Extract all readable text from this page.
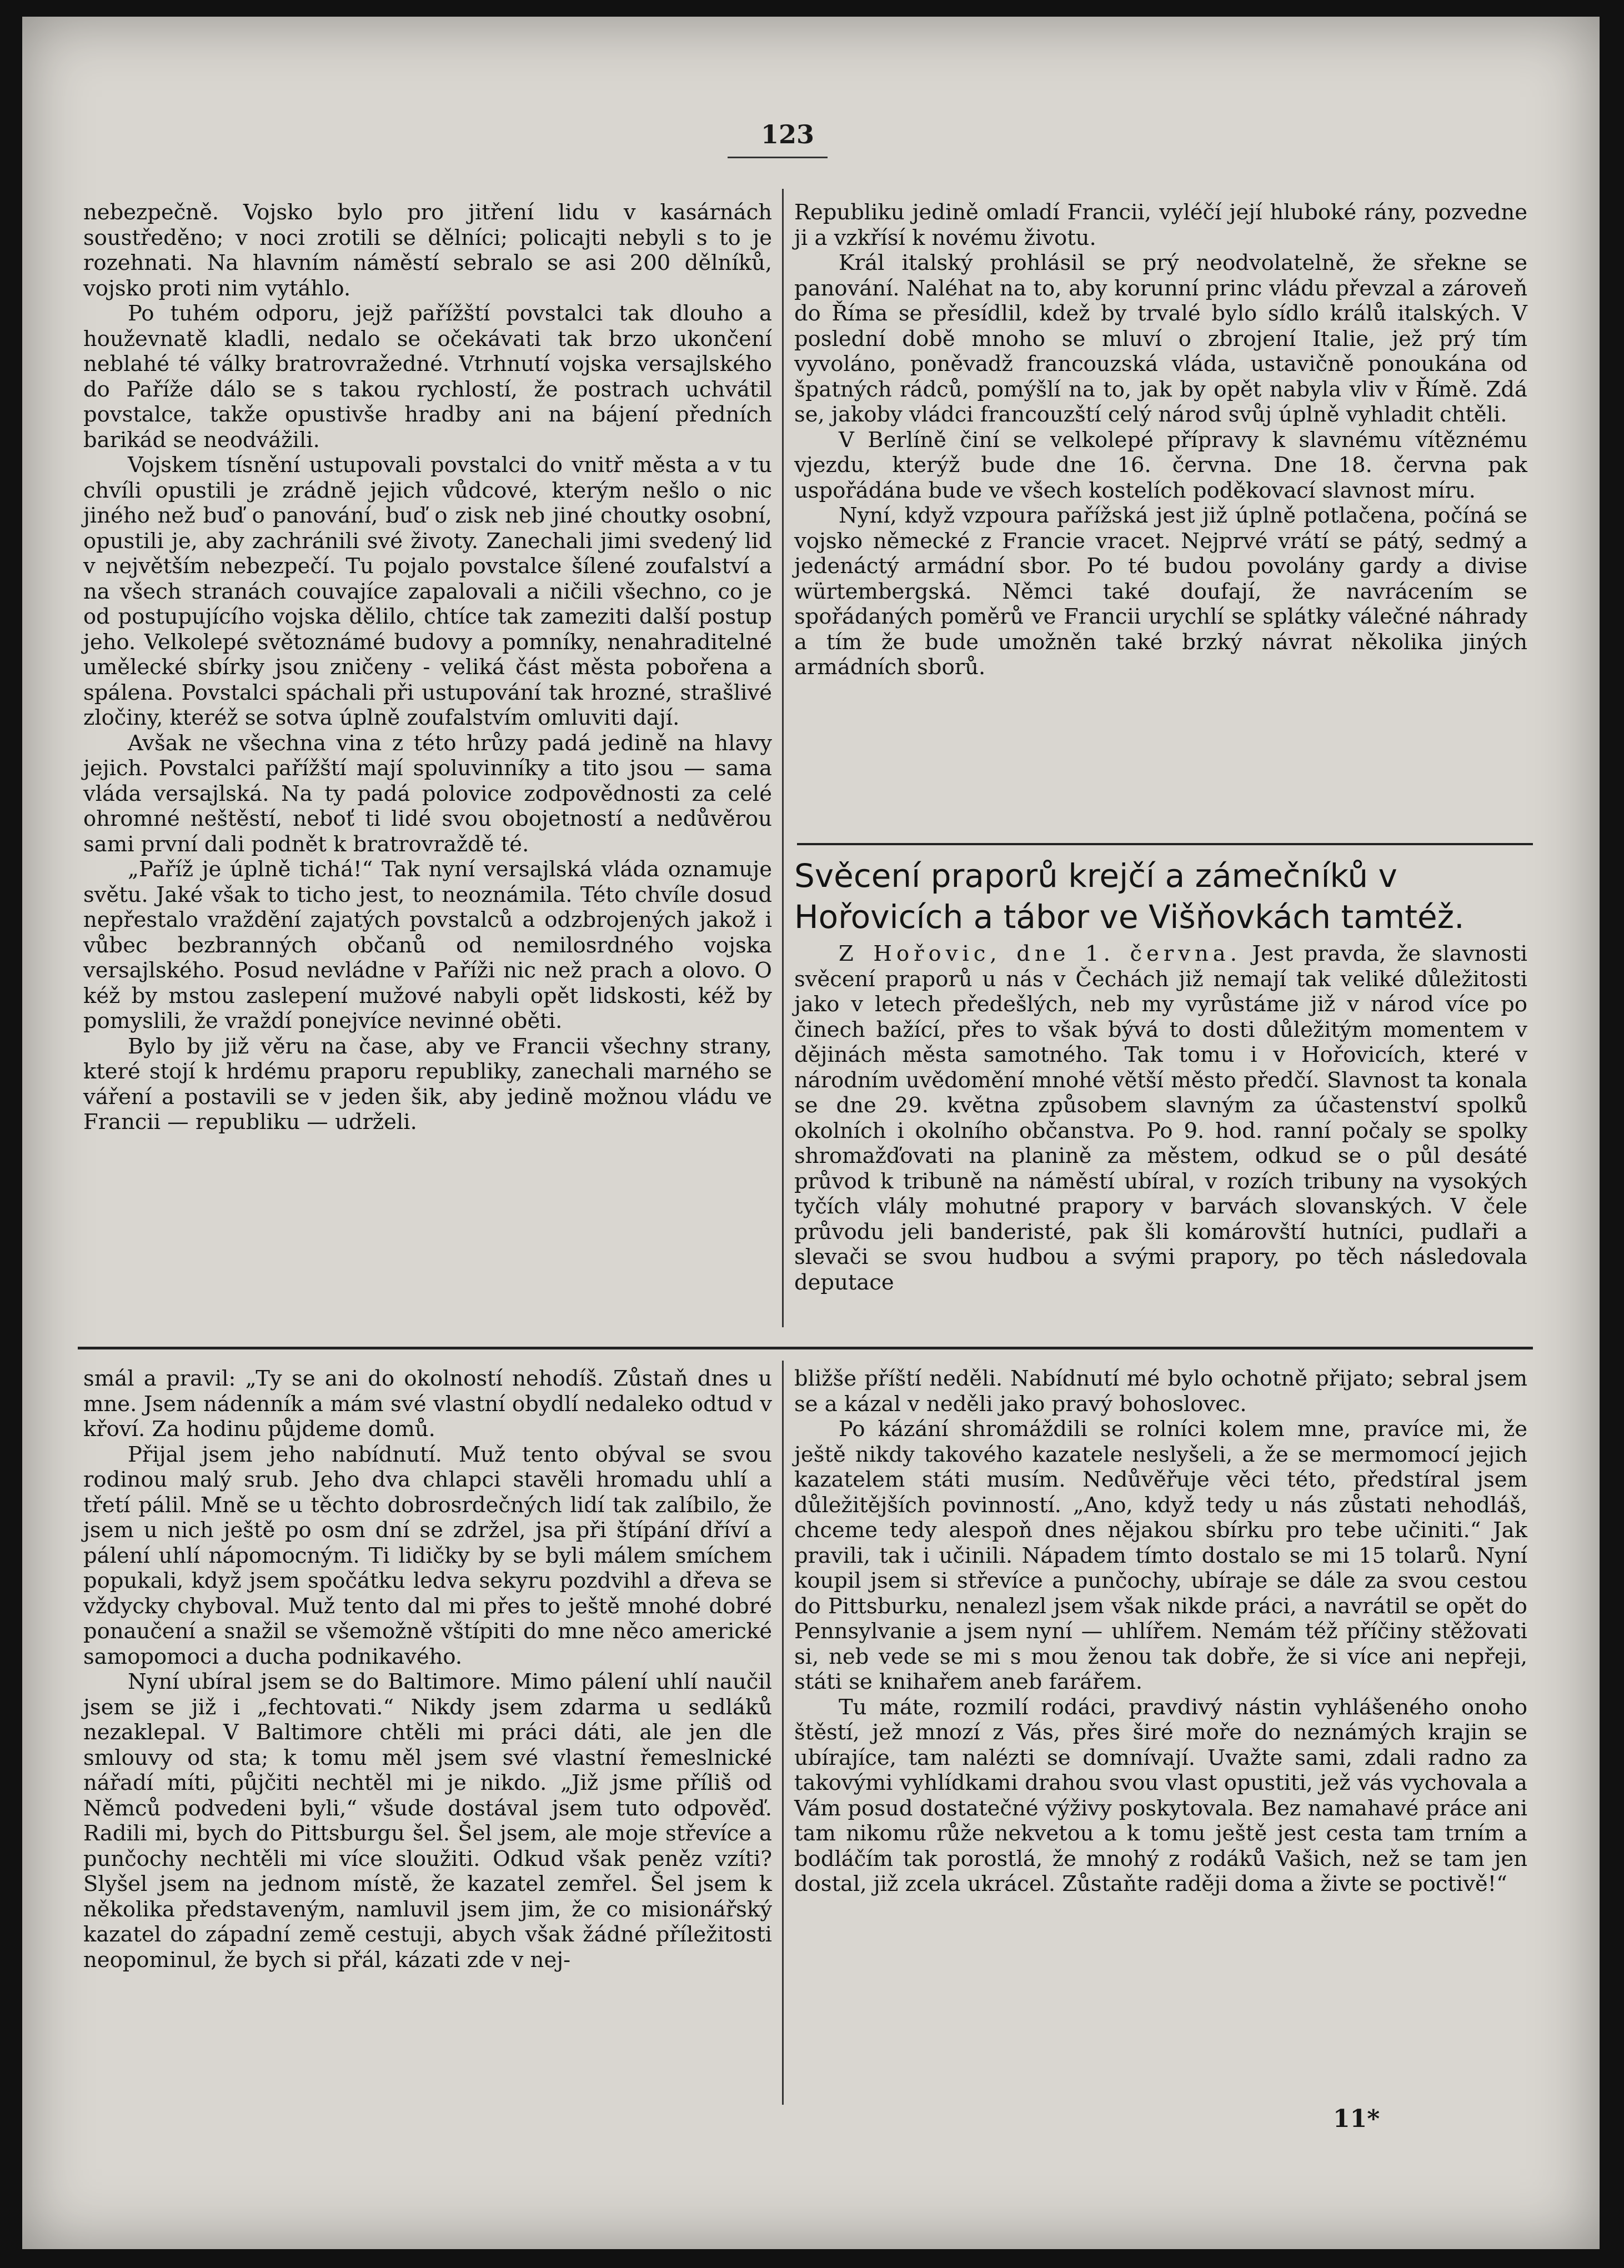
123

nebezpečně. Vojsko bylo pro jitření lidu v kasárnách soustředěno; v noci zrotili se dělníci; policajti nebyli s to je rozehnati. Na hlavním náměstí sebralo se asi 200 dělníků, vojsko proti nim vytáhlo.

Po tuhém odporu, jejž pařížští povstalci tak dlouho a houževnatě kladli, nedalo se očekávati tak brzo ukončení neblahé té války bratrovražedné. Vtrhnutí vojska versajlského do Paříže dálo se s takou rychlostí, že postrach uchvátil povstalce, takže opustivše hradby ani na bájení předních barikád se neodvážili.

Vojskem tísnění ustupovali povstalci do vnitř města a v tu chvíli opustili je zrádně jejich vůdcové, kterým nešlo o nic jiného než buď o panování, buď o zisk neb jiné choutky osobní, opustili je, aby zachránili své životy. Zanechali jimi svedený lid v největším nebezpečí. Tu pojalo povstalce šílené zoufalství a na všech stranách couvajíce zapalovali a ničili všechno, co je od postupujícího vojska dělilo, chtíce tak zameziti další postup jeho. Velkolepé světoznámé budovy a pomníky, nenahraditelné umělecké sbírky jsou zničeny - veliká část města pobořena a spálena. Povstalci spáchali při ustupování tak hrozné, strašlivé zločiny, kteréž se sotva úplně zoufalstvím omluviti dají.

Avšak ne všechna vina z této hrůzy padá jedině na hlavy jejich. Povstalci pařížští mají spoluvinníky a tito jsou — sama vláda versajlská. Na ty padá polovice zodpovědnosti za celé ohromné neštěstí, neboť ti lidé svou obojetností a nedůvěrou sami první dali podnět k bratrovraždě té.

„Paříž je úplně tichá!“ Tak nyní versajlská vláda oznamuje světu. Jaké však to ticho jest, to neoznámila. Této chvíle dosud nepřestalo vraždění zajatých povstalců a odzbrojených jakož i vůbec bezbranných občanů od nemilosrdného vojska versajlského. Posud nevládne v Paříži nic než prach a olovo. O kéž by mstou zaslepení mužové nabyli opět lidskosti, kéž by pomyslili, že vraždí ponejvíce nevinné oběti.

Bylo by již věru na čase, aby ve Francii všechny strany, které stojí k hrdému praporu republiky, zanechali marného se váření a postavili se v jeden šik, aby jedině možnou vládu ve Francii — republiku — udrželi.

Republiku jedině omladí Francii, vyléčí její hluboké rány, pozvedne ji a vzkřísí k novému životu.

Král italský prohlásil se prý neodvolatelně, že sřekne se panování. Naléhat na to, aby korunní princ vládu převzal a zároveň do Říma se přesídlil, kdež by trvalé bylo sídlo králů italských. V poslední době mnoho se mluví o zbrojení Italie, jež prý tím vyvoláno, poněvadž francouzská vláda, ustavičně ponoukána od špatných rádců, pomýšlí na to, jak by opět nabyla vliv v Římě. Zdá se, jakoby vládci francouzští celý národ svůj úplně vyhladit chtěli.

V Berlíně činí se velkolepé přípravy k slavnému vítěznému vjezdu, kterýž bude dne 16. června. Dne 18. června pak uspořádána bude ve všech kostelích poděkovací slavnost míru.

Nyní, když vzpoura pařížská jest již úplně potlačena, počíná se vojsko německé z Francie vracet. Nejprvé vrátí se pátý, sedmý a jedenáctý armádní sbor. Po té budou povolány gardy a divise würtembergská. Němci také doufají, že navrácením se spořádaných poměrů ve Francii urychlí se splátky válečné náhrady a tím že bude umožněn také brzký návrat několika jiných armádních sborů.

Svěcení praporů krejčí a zámečníků v Hořovicích a tábor ve Višňovkách tamtéž.

Z Hořovic, dne 1. června. Jest pravda, že slavnosti svěcení praporů u nás v Čechách již nemají tak veliké důležitosti jako v letech předešlých, neb my vyrůstáme již v národ více po činech bažící, přes to však bývá to dosti důležitým momentem v dějinách města samotného. Tak tomu i v Hořovicích, které v národním uvědomění mnohé větší město předčí. Slavnost ta konala se dne 29. května způsobem slavným za účastenství spolků okolních i okolního občanstva. Po 9. hod. ranní počaly se spolky shromažďovati na planině za městem, odkud se o půl desáté průvod k tribuně na náměstí ubíral, v rozích tribuny na vysokých tyčích vlály mohutné prapory v barvách slovanských. V čele průvodu jeli banderisté, pak šli komárovští hutníci, pudlaři a slevači se svou hudbou a svými prapory, po těch následovala deputace

smál a pravil: „Ty se ani do okolností nehodíš. Zůstaň dnes u mne. Jsem nádenník a mám své vlastní obydlí nedaleko odtud v křoví. Za hodinu půjdeme domů.

Přijal jsem jeho nabídnutí. Muž tento obýval se svou rodinou malý srub. Jeho dva chlapci stavěli hromadu uhlí a třetí pálil. Mně se u těchto dobrosrdečných lidí tak zalíbilo, že jsem u nich ještě po osm dní se zdržel, jsa při štípání dříví a pálení uhlí nápomocným. Ti lidičky by se byli málem smíchem popukali, když jsem spočátku ledva sekyru pozdvihl a dřeva se vždycky chyboval. Muž tento dal mi přes to ještě mnohé dobré ponaučení a snažil se všemožně vštípiti do mne něco americké samopomoci a ducha podnikavého.

Nyní ubíral jsem se do Baltimore. Mimo pálení uhlí naučil jsem se již i „fechtovati.“ Nikdy jsem zdarma u sedláků nezaklepal. V Baltimore chtěli mi práci dáti, ale jen dle smlouvy od sta; k tomu měl jsem své vlastní řemeslnické nářadí míti, půjčiti nechtěl mi je nikdo. „Již jsme příliš od Němců podvedeni byli,“ všude dostával jsem tuto odpověď. Radili mi, bych do Pittsburgu šel. Šel jsem, ale moje střevíce a punčochy nechtěli mi více sloužiti. Odkud však peněz vzíti? Slyšel jsem na jednom místě, že kazatel zemřel. Šel jsem k několika představeným, namluvil jsem jim, že co misionářský kazatel do západní země cestuji, abych však žádné příležitosti neopominul, že bych si přál, kázati zde v nej-

bližše příští neděli. Nabídnutí mé bylo ochotně přijato; sebral jsem se a kázal v neděli jako pravý bohoslovec.

Po kázání shromáždili se rolníci kolem mne, pravíce mi, že ještě nikdy takového kazatele neslyšeli, a že se mermomocí jejich kazatelem státi musím. Nedůvěřuje věci této, předstíral jsem důležitějších povinností. „Ano, když tedy u nás zůstati nehodláš, chceme tedy alespoň dnes nějakou sbírku pro tebe učiniti.“ Jak pravili, tak i učinili. Nápadem tímto dostalo se mi 15 tolarů. Nyní koupil jsem si střevíce a punčochy, ubíraje se dále za svou cestou do Pittsburku, nenalezl jsem však nikde práci, a navrátil se opět do Pennsylvanie a jsem nyní — uhlířem. Nemám též příčiny stěžovati si, neb vede se mi s mou ženou tak dobře, že si více ani nepřeji, státi se knihařem aneb farářem.

Tu máte, rozmilí rodáci, pravdivý nástin vyhlášeného onoho štěstí, jež mnozí z Vás, přes širé moře do neznámých krajin se ubírajíce, tam nalézti se domnívají. Uvažte sami, zdali radno za takovými vyhlídkami drahou svou vlast opustiti, jež vás vychovala a Vám posud dostatečné výživy poskytovala. Bez namahavé práce ani tam nikomu růže nekvetou a k tomu ještě jest cesta tam trním a bodláčím tak porostlá, že mnohý z rodáků Vašich, než se tam jen dostal, již zcela ukrácel. Zůstaňte raději doma a živte se poctivě!“

11*
